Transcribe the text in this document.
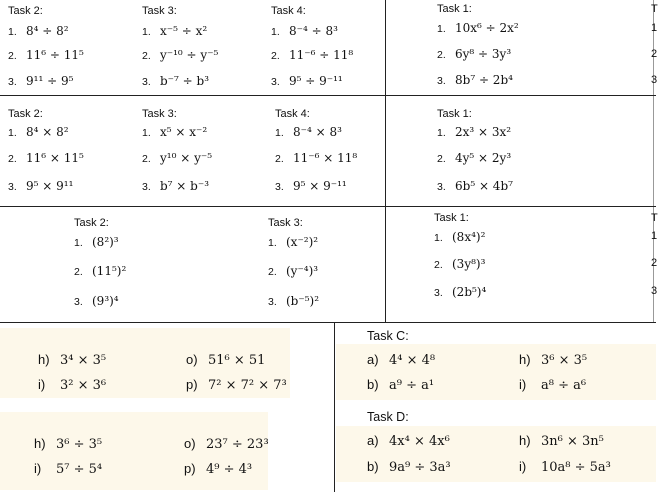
Task 2:
1. 8⁴ ÷ 8²
2. 11⁶ ÷ 11⁵
3. 9¹¹ ÷ 9⁵
Task 3:
1. x⁻⁵ ÷ x²
2. y⁻¹⁰ ÷ y⁻⁵
3. b⁻⁷ ÷ b³
Task 4:
1. 8⁻⁴ ÷ 8³
2. 11⁻⁶ ÷ 11⁸
3. 9⁵ ÷ 9⁻¹¹
Task 1:
1. 10x⁶ ÷ 2x²
2. 6y⁸ ÷ 3y³
3. 8b⁷ ÷ 2b⁴
Task 2:
1. 8⁴ × 8²
2. 11⁶ × 11⁵
3. 9⁵ × 9¹¹
Task 3:
1. x⁵ × x⁻²
2. y¹⁰ × y⁻⁵
3. b⁷ × b⁻³
Task 4:
1. 8⁻⁴ × 8³
2. 11⁻⁶ × 11⁸
3. 9⁵ × 9⁻¹¹
Task 1:
1. 2x³ × 3x²
2. 4y⁵ × 2y³
3. 6b⁵ × 4b⁷
Task 2:
1. (8²)³
2. (11⁵)²
3. (9³)⁴
Task 3:
1. (x⁻²)²
2. (y⁻⁴)³
3. (b⁻⁵)²
Task 1:
1. (8x⁴)²
2. (3y⁸)³
3. (2b⁵)⁴
T
1
2
3
T
1
2
3
h) 3⁴ × 3⁵	o) 51⁶ × 51
i) 3² × 3⁶	p) 7² × 7² × 7³
h) 3⁶ ÷ 3⁵	o) 23⁷ ÷ 23³
i) 5⁷ ÷ 5⁴	p) 4⁹ ÷ 4³
Task C:
a) 4⁴ × 4⁸	h) 3⁶ × 3⁵
b) a⁹ ÷ a¹	i) a⁸ ÷ a⁶
Task D:
a) 4x⁴ × 4x⁶	h) 3n⁶ × 3n⁵
b) 9a⁹ ÷ 3a³	i) 10a⁸ ÷ 5a³
